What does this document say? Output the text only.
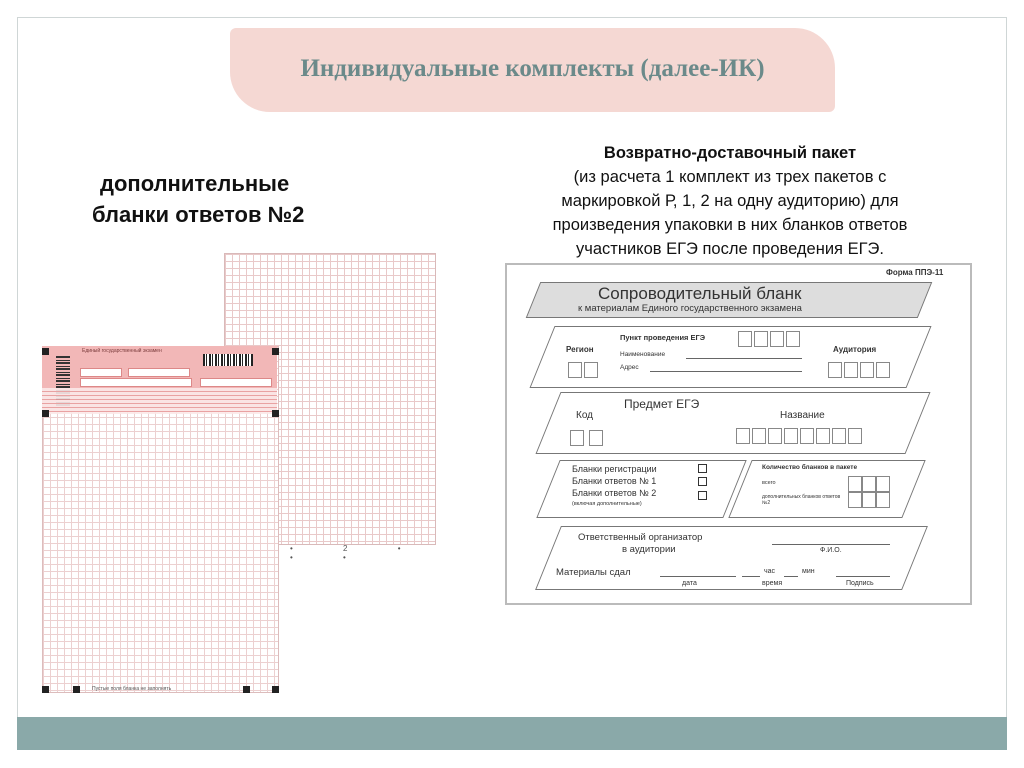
Индивидуальные комплекты (далее-ИК)
дополнительные
бланки ответов №2
Возвратно-доставочный пакет
(из расчета 1 комплект из трех пакетов с
маркировкой Р, 1, 2 на одну аудиторию) для
произведения упаковки в них бланков ответов
участников ЕГЭ после проведения ЕГЭ.
• 2 • • •
Единый государственный экзамен
Пустые поля бланка не заполнять
Форма ППЭ-11
Сопроводительный бланк
к материалам Единого государственного экзамена
Регион
Пункт проведения ЕГЭ
Наименование
Адрес
Аудитория
Предмет ЕГЭ
Код	Название
Бланки регистрации
Бланки ответов № 1
Бланки ответов № 2
(включая дополнительные)
Количество бланков в пакете
всего
дополнительных бланков ответов №2
Ответственный организатор
в аудитории	Ф.И.О.
Материалы сдал	час	мин
дата	время	Подпись
